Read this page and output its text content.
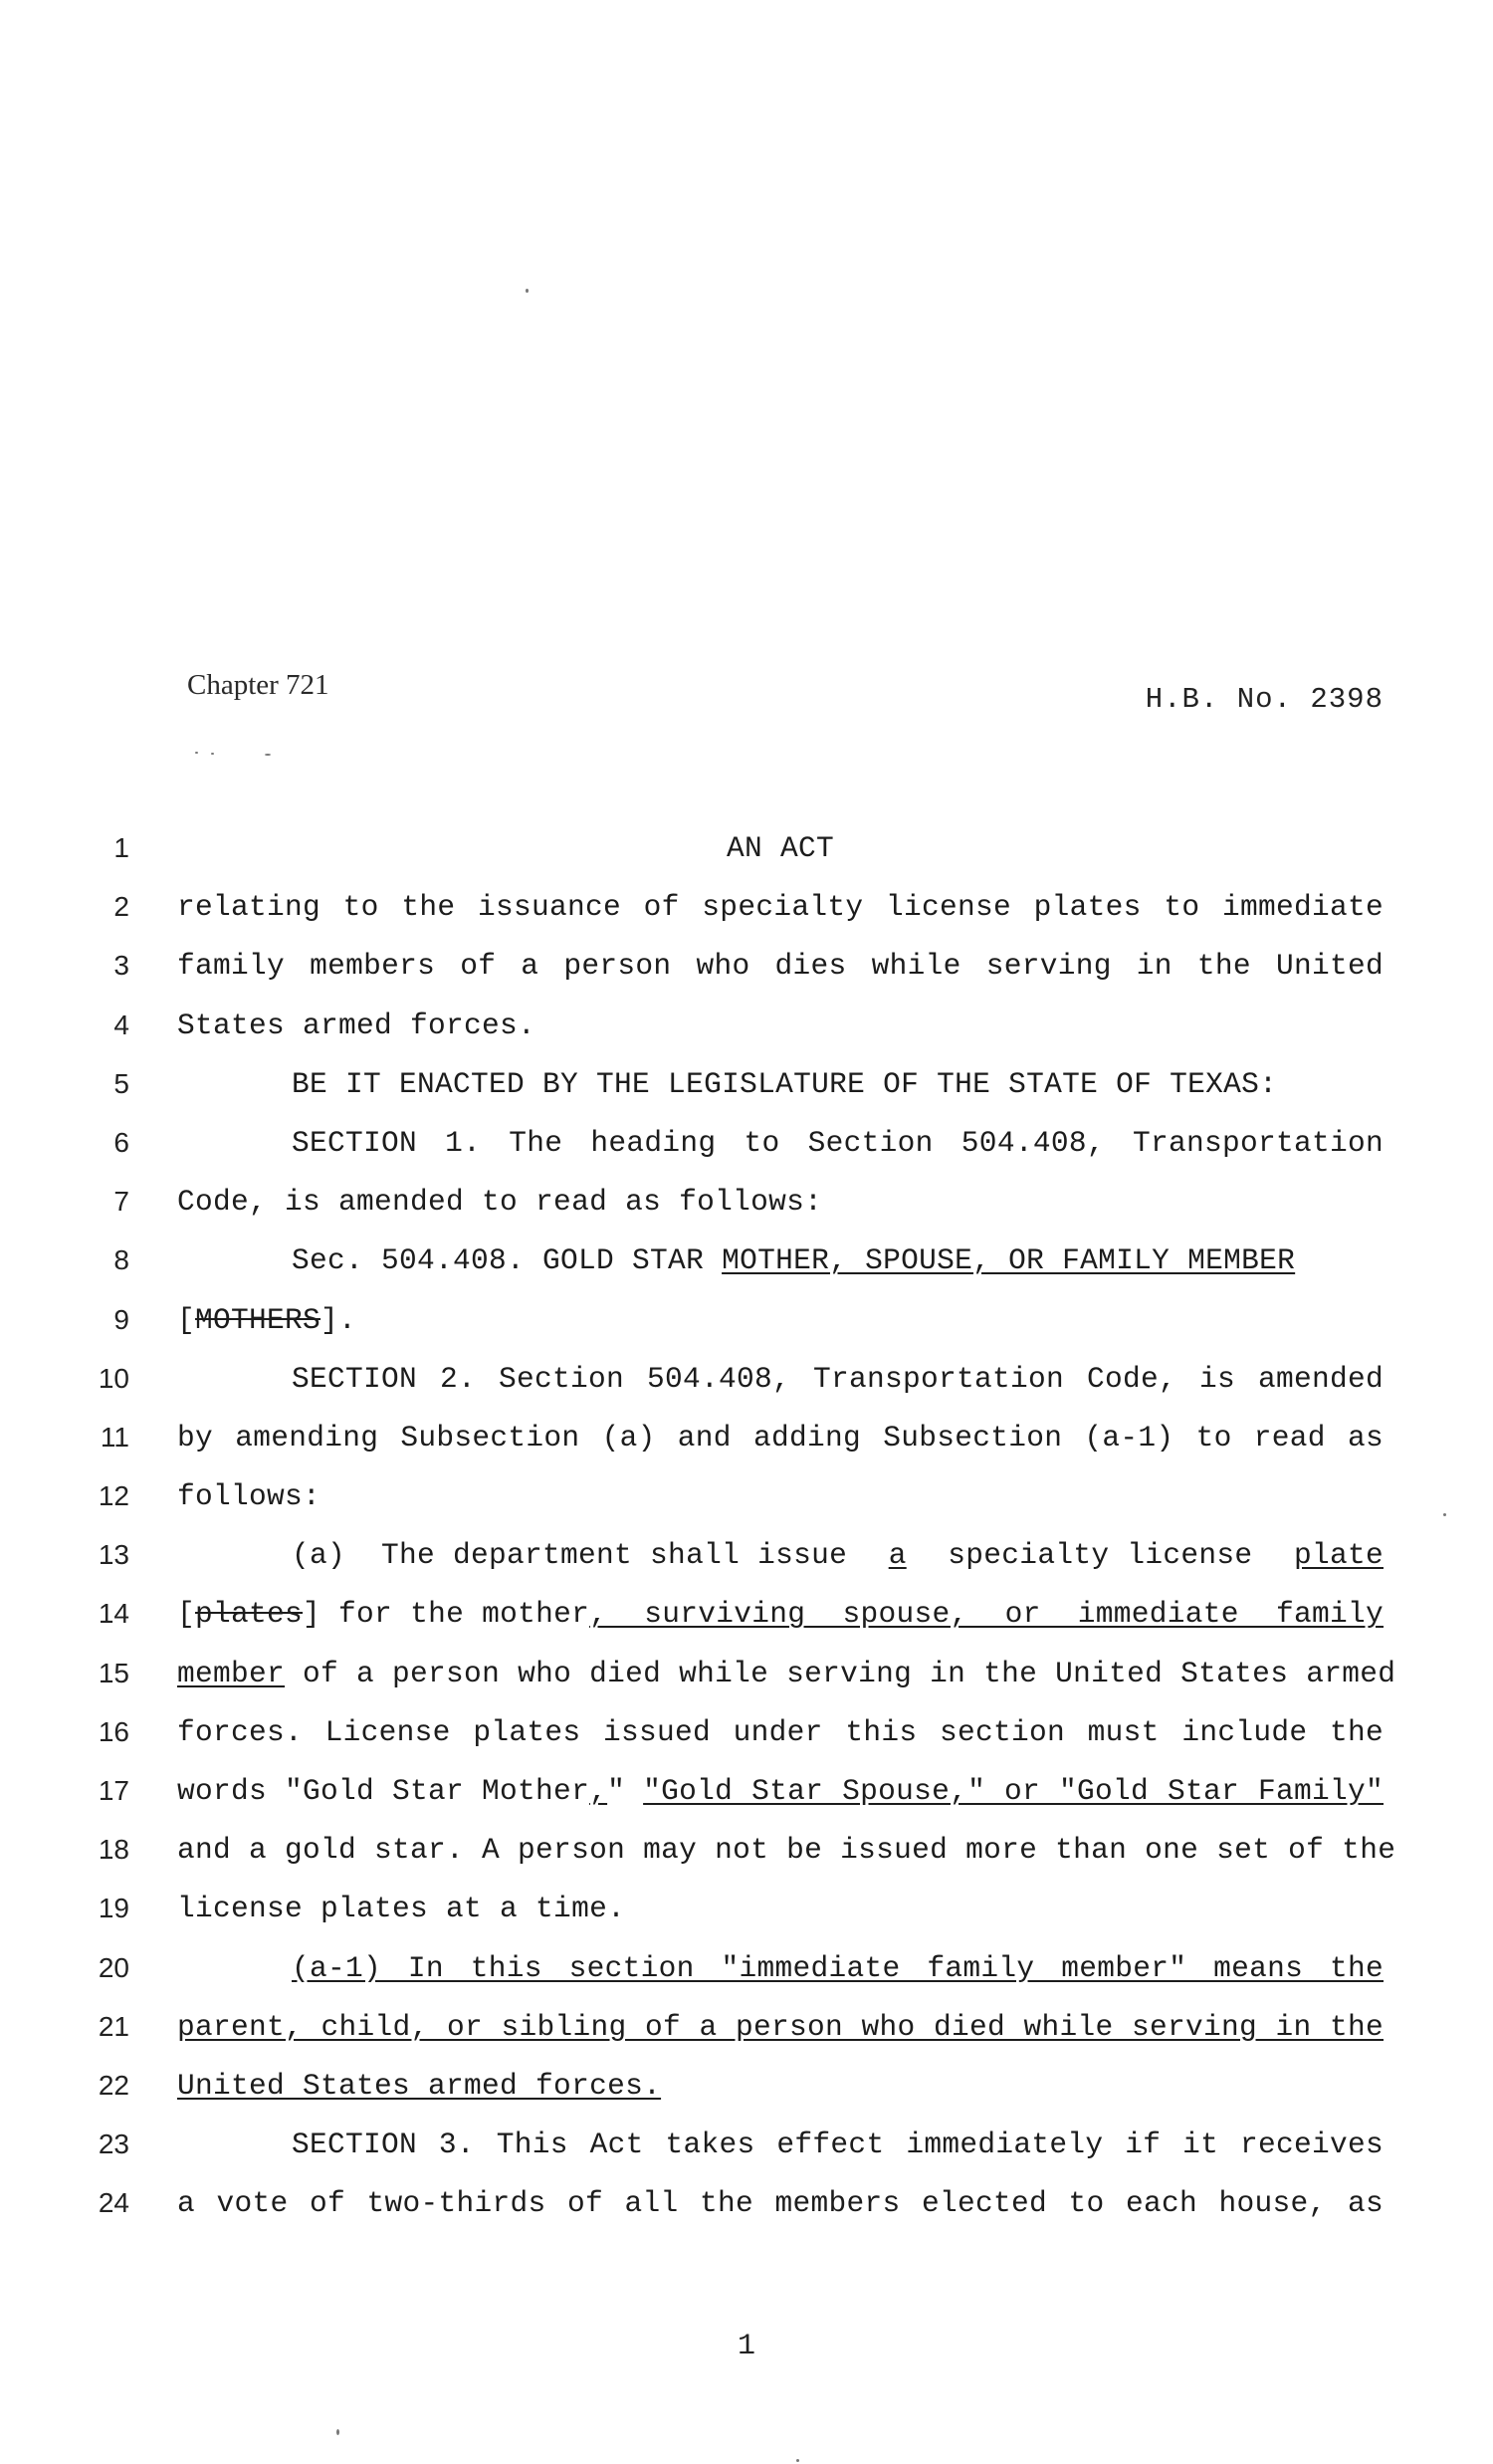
Chapter 721	H.B. No. 2398
1	AN ACT
2 relating to the issuance of specialty license plates to immediate
3 family members of a person who dies while serving in the United
4 States armed forces.
5	BE IT ENACTED BY THE LEGISLATURE OF THE STATE OF TEXAS:
6	SECTION 1. The heading to Section 504.408, Transportation
7 Code, is amended to read as follows:
8	Sec. 504.408. GOLD STAR MOTHER, SPOUSE, OR FAMILY MEMBER
9 [MOTHERS].
10	SECTION 2. Section 504.408, Transportation Code, is amended
11 by amending Subsection (a) and adding Subsection (a-1) to read as
12 follows:
13	(a)  The department shall issue a specialty license plate
14 [ plates ] for the mother , surviving spouse, or immediate family
15 member of a person who died while serving in the United States armed
16 forces. License plates issued under this section must include the
17 words "Gold Star Mother , " "Gold Star Spouse," or "Gold Star Family"
18 and a gold star. A person may not be issued more than one set of the
19 license plates at a time.
20	(a-1) In this section "immediate family member" means the
21 parent, child, or sibling of a person who died while serving in the
22 United States armed forces.
23	SECTION 3. This Act takes effect immediately if it receives
24 a vote of two-thirds of all the members elected to each house, as
1
